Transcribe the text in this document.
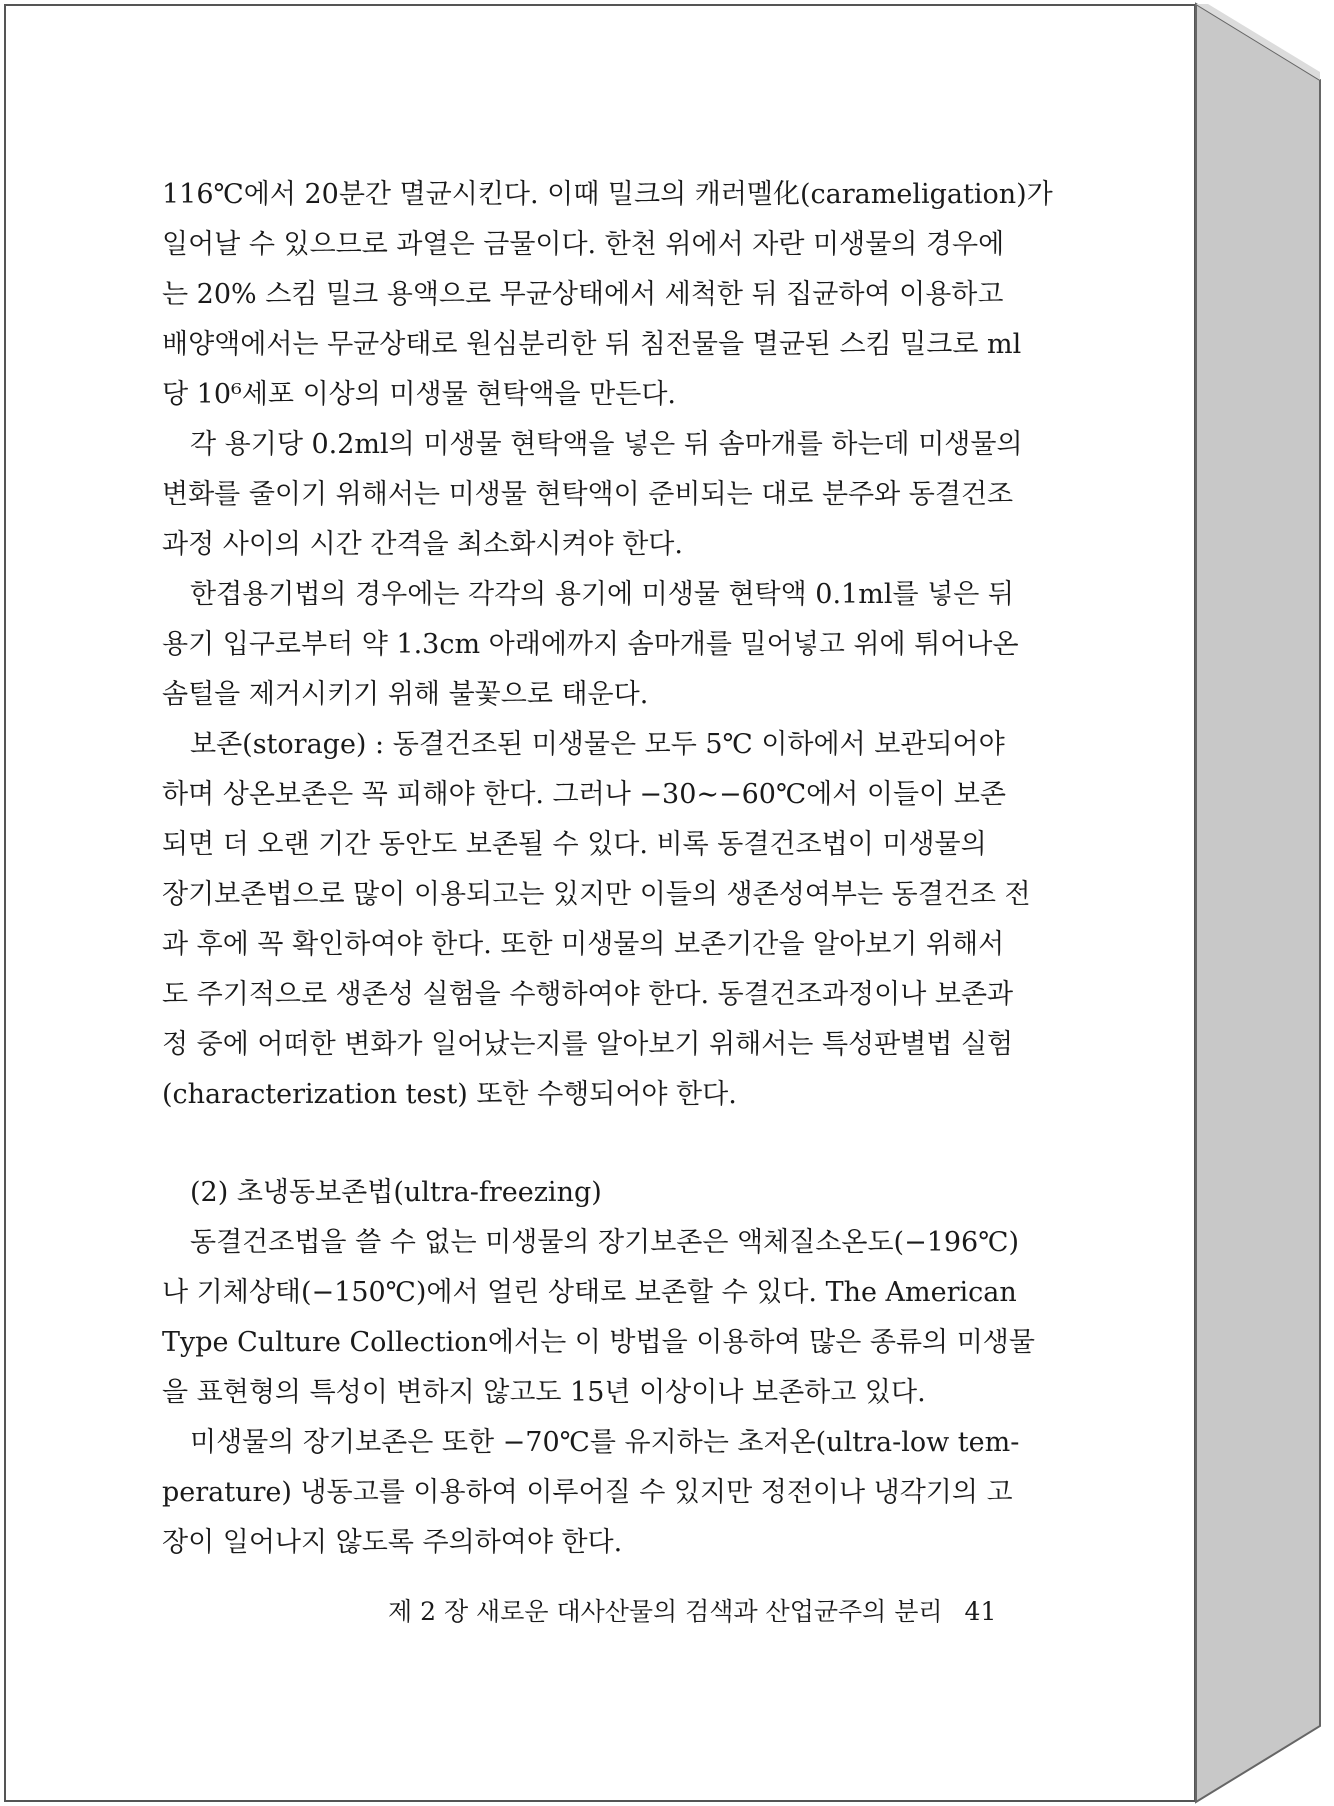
116℃에서 20분간 멸균시킨다. 이때 밀크의 캐러멜化(carameligation)가
일어날 수 있으므로 과열은 금물이다. 한천 위에서 자란 미생물의 경우에
는 20% 스킴 밀크 용액으로 무균상태에서 세척한 뒤 집균하여 이용하고
배양액에서는 무균상태로 원심분리한 뒤 침전물을 멸균된 스킴 밀크로 ml
당 10⁶세포 이상의 미생물 현탁액을 만든다.
각 용기당 0.2ml의 미생물 현탁액을 넣은 뒤 솜마개를 하는데 미생물의
변화를 줄이기 위해서는 미생물 현탁액이 준비되는 대로 분주와 동결건조
과정 사이의 시간 간격을 최소화시켜야 한다.
한겹용기법의 경우에는 각각의 용기에 미생물 현탁액 0.1ml를 넣은 뒤
용기 입구로부터 약 1.3cm 아래에까지 솜마개를 밀어넣고 위에 튀어나온
솜털을 제거시키기 위해 불꽃으로 태운다.
보존(storage) : 동결건조된 미생물은 모두 5℃ 이하에서 보관되어야
하며 상온보존은 꼭 피해야 한다. 그러나 −30∼−60℃에서 이들이 보존
되면 더 오랜 기간 동안도 보존될 수 있다. 비록 동결건조법이 미생물의
장기보존법으로 많이 이용되고는 있지만 이들의 생존성여부는 동결건조 전
과 후에 꼭 확인하여야 한다. 또한 미생물의 보존기간을 알아보기 위해서
도 주기적으로 생존성 실험을 수행하여야 한다. 동결건조과정이나 보존과
정 중에 어떠한 변화가 일어났는지를 알아보기 위해서는 특성판별법 실험
(characterization test) 또한 수행되어야 한다.
(2) 초냉동보존법(ultra-freezing)
동결건조법을 쓸 수 없는 미생물의 장기보존은 액체질소온도(−196℃)
나 기체상태(−150℃)에서 얼린 상태로 보존할 수 있다. The American
Type Culture Collection에서는 이 방법을 이용하여 많은 종류의 미생물
을 표현형의 특성이 변하지 않고도 15년 이상이나 보존하고 있다.
미생물의 장기보존은 또한 −70℃를 유지하는 초저온(ultra-low tem-
perature) 냉동고를 이용하여 이루어질 수 있지만 정전이나 냉각기의 고
장이 일어나지 않도록 주의하여야 한다.
제 2 장 새로운 대사산물의 검색과 산업균주의 분리 41
